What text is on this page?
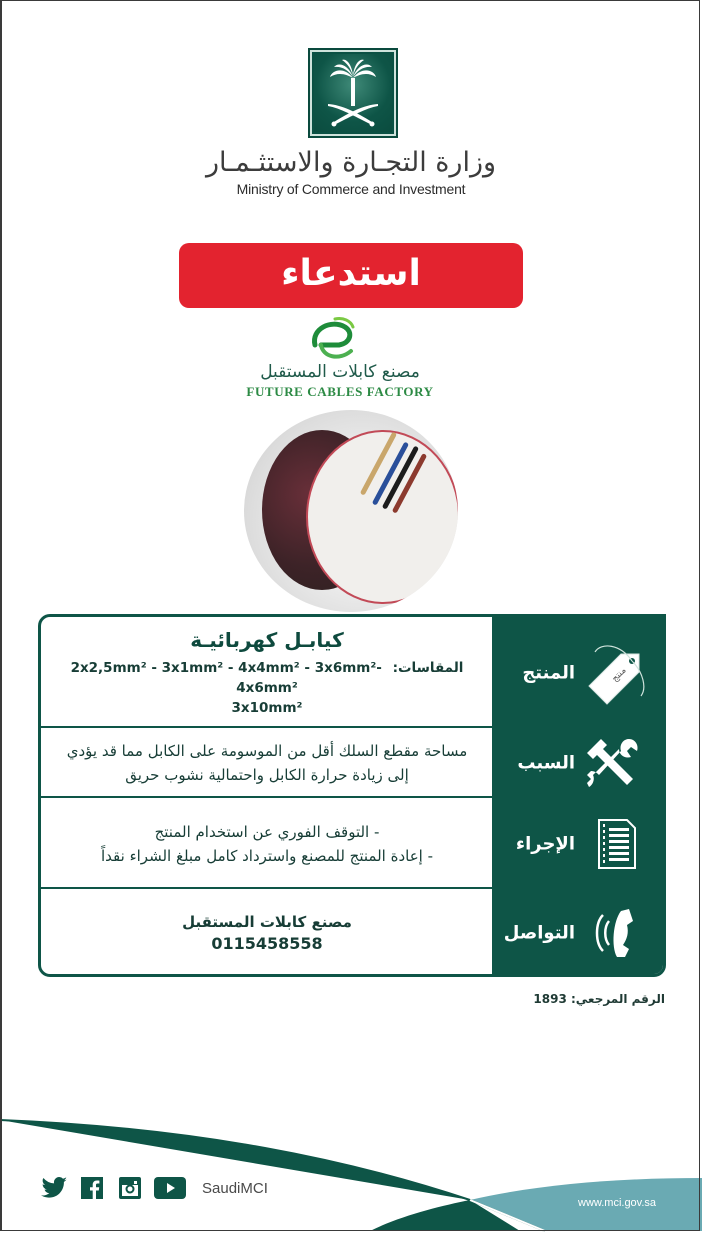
وزارة التجـارة والاستثـمـار
Ministry of Commerce and Investment
استدعاء
مصنع كابلات المستقبل
FUTURE CABLES FACTORY
كيابـل كهربائيـة
المقاسات: 2x2,5mm² - 3x1mm² - 4x4mm² - 3x6mm²- 4x6mm²
3x10mm²
المنتج	منتج
مساحة مقطع السلك أقل من الموسومة على الكابل مما قد يؤدي
إلى زيادة حرارة الكابل واحتمالية نشوب حريق
السبب
- التوقف الفوري عن استخدام المنتج
- إعادة المنتج للمصنع واسترداد كامل مبلغ الشراء نقداً
الإجراء
مصنع كابلات المستقبل
0115458558	التواصل
الرقم المرجعي: 1893
SaudiMCI
www.mci.gov.sa
